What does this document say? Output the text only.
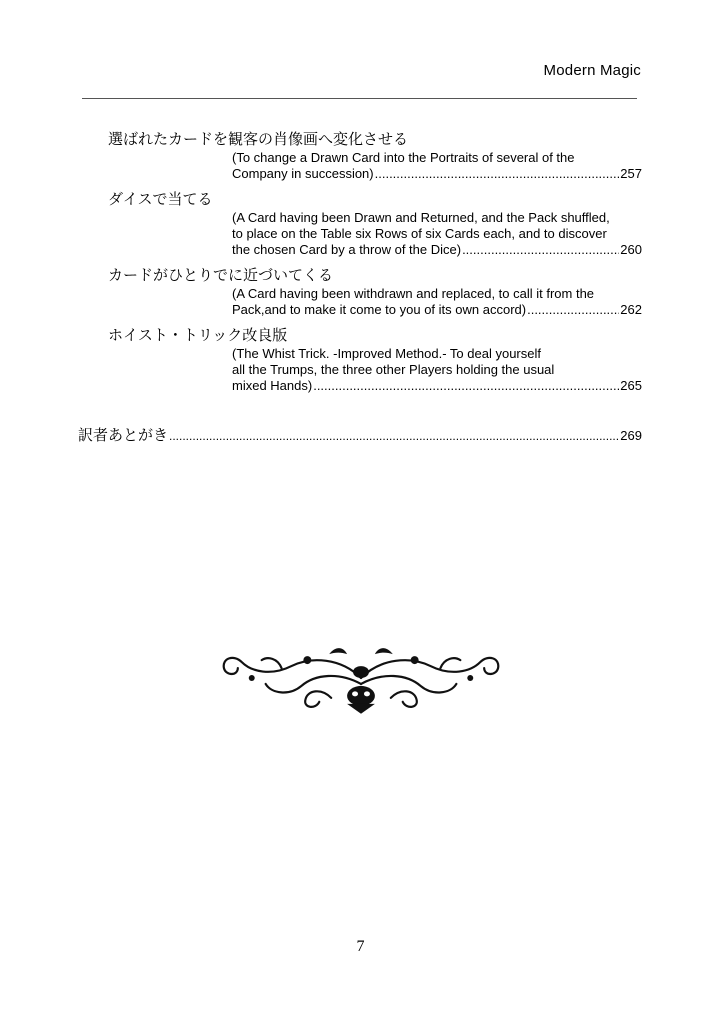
Modern Magic
選ばれたカードを観客の肖像画へ変化させる
(To change a Drawn Card into the Portraits of several of the
Company in succession) .....	257
ダイスで当てる
(A Card having been Drawn and Returned, and the Pack shuffled,
to place on the Table six Rows of six Cards each, and to discover
the chosen Card by a throw of the Dice) .....	260
カードがひとりでに近づいてくる
(A Card having been withdrawn and replaced, to call it from the
Pack,and to make it come to you of its own accord) .....	262
ホイスト・トリック改良版
(The Whist Trick. -Improved Method.- To deal yourself
all the Trumps, the three other Players holding the usual
mixed Hands) .....	265
訳者あとがき .....	269
7
